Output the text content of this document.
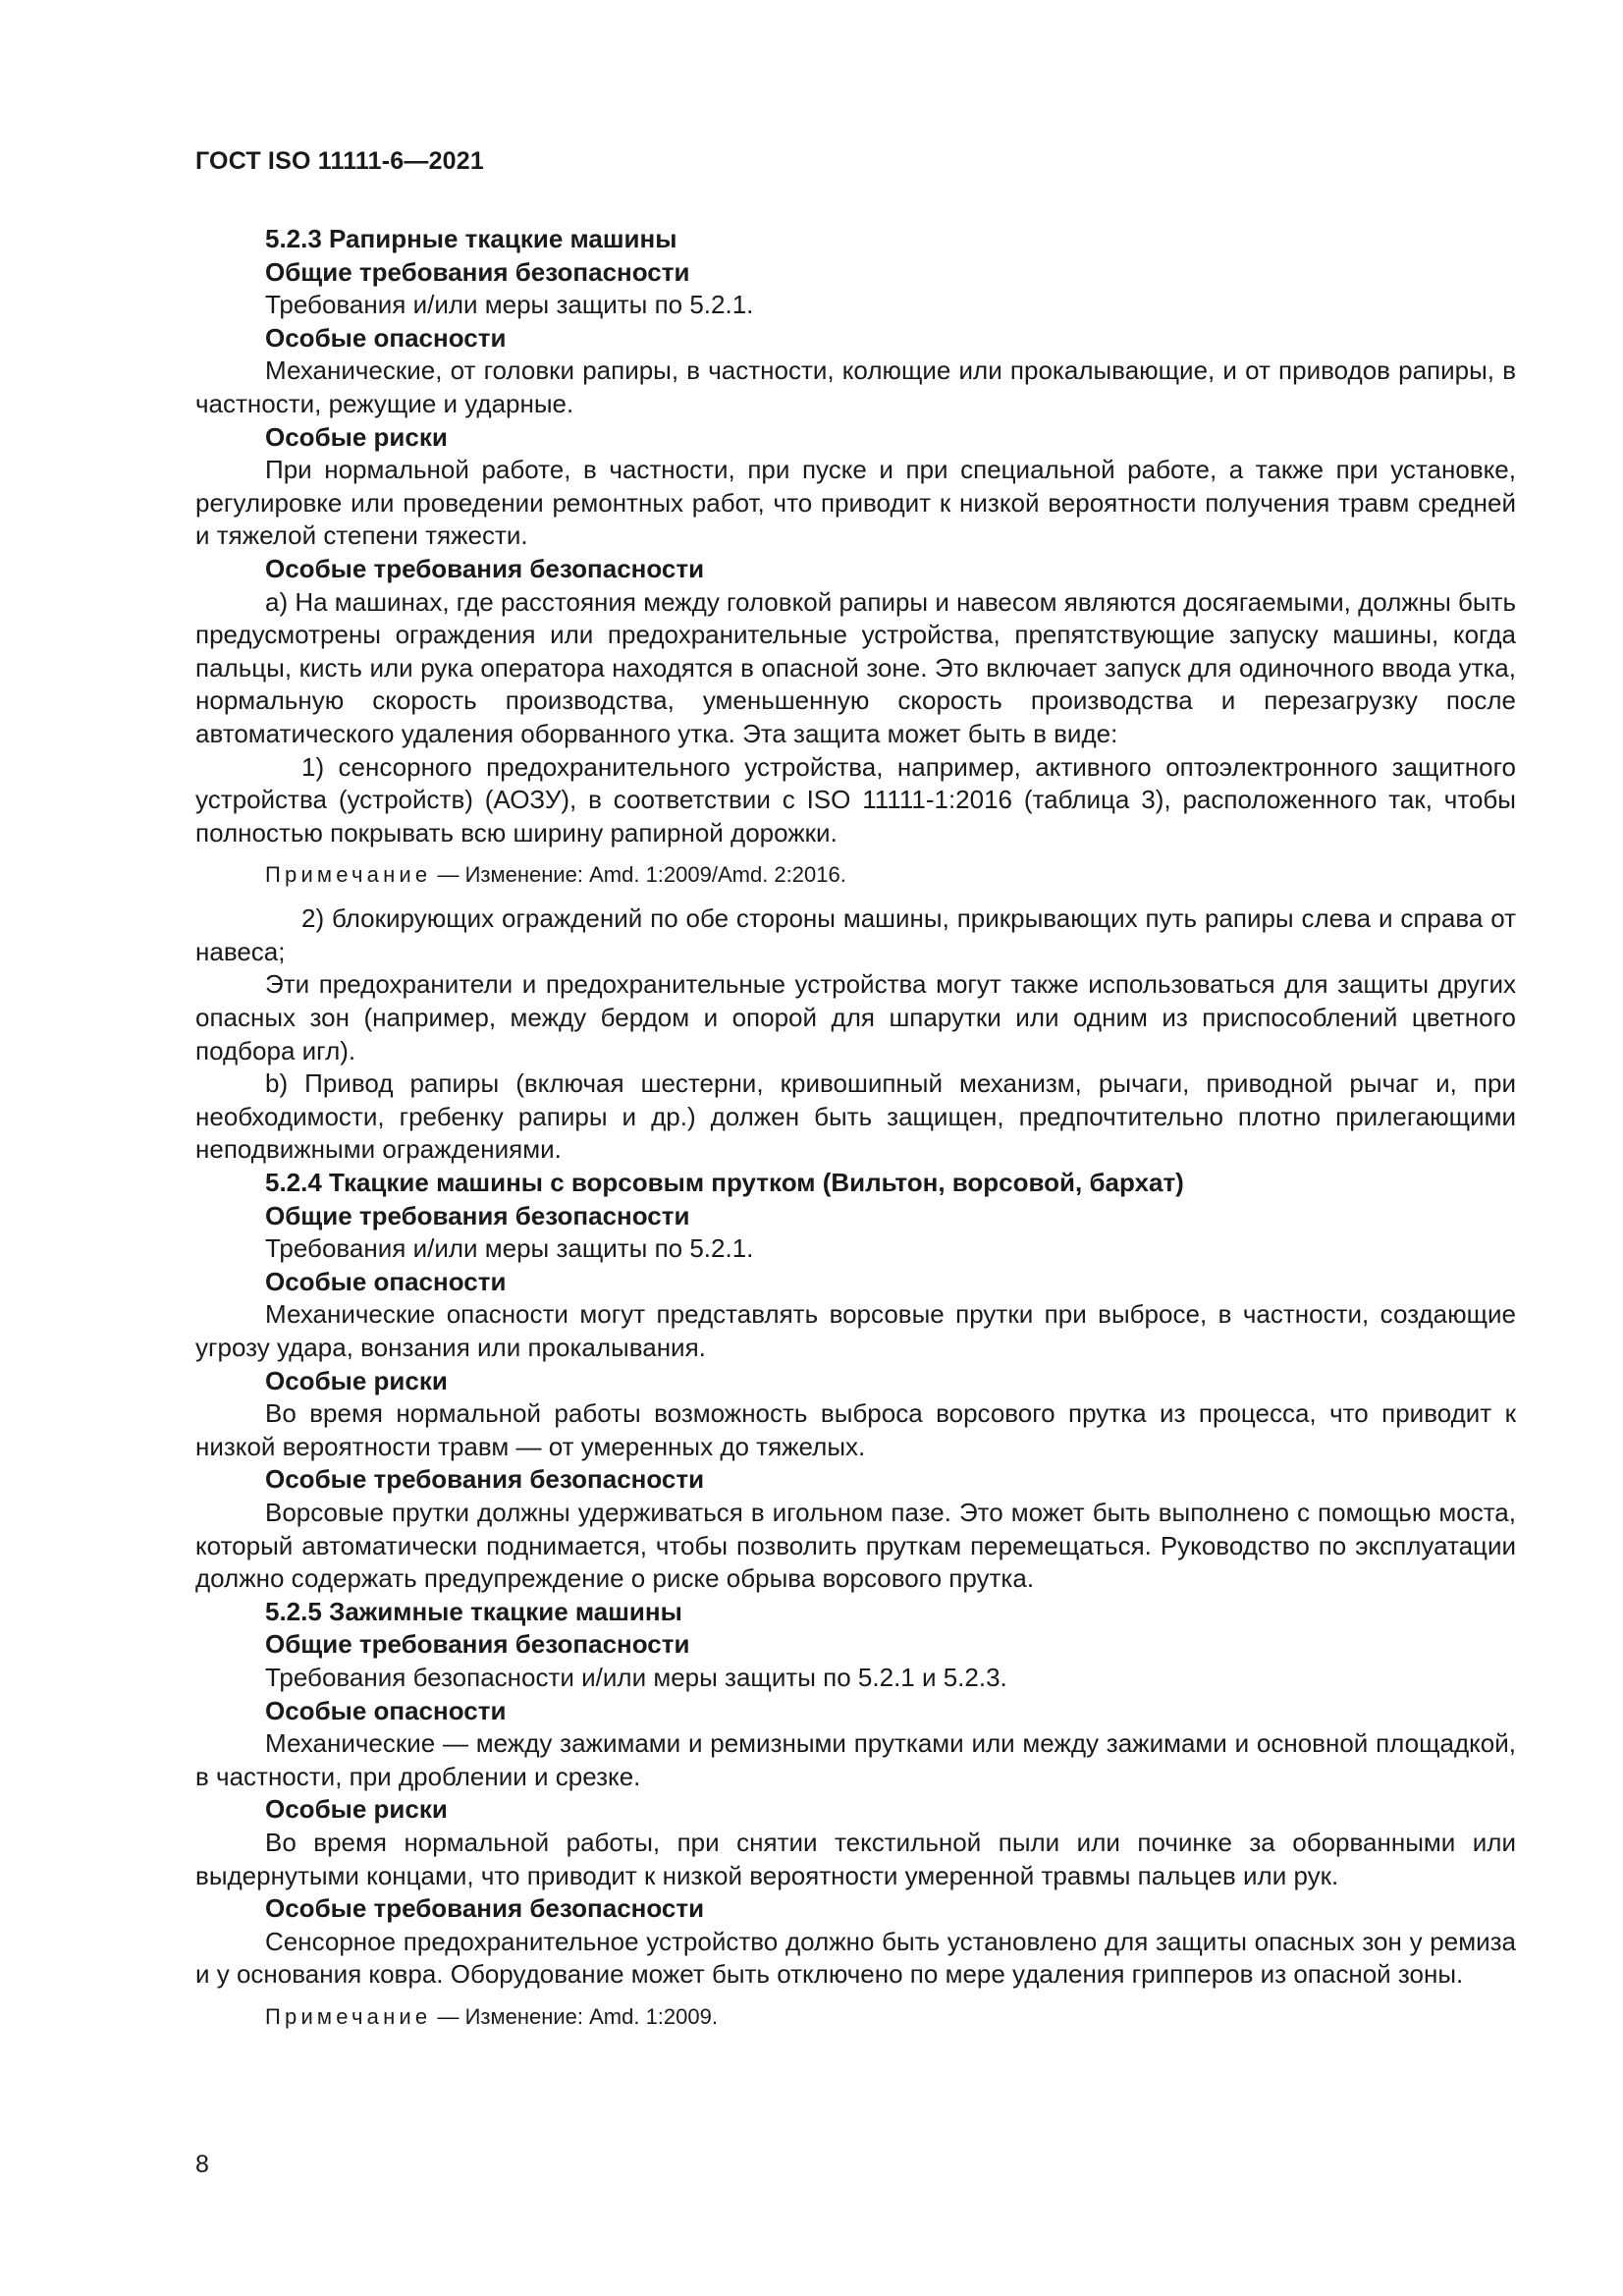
ГОСТ ISO 11111-6—2021

5.2.3 Рапирные ткацкие машины

Общие требования безопасности

Требования и/или меры защиты по 5.2.1.

Особые опасности

Механические, от головки рапиры, в частности, колющие или прокалывающие, и от приводов рапиры, в частности, режущие и ударные.

Особые риски

При нормальной работе, в частности, при пуске и при специальной работе, а также при установке, регулировке или проведении ремонтных работ, что приводит к низкой вероятности получения травм средней и тяжелой степени тяжести.

Особые требования безопасности

a) На машинах, где расстояния между головкой рапиры и навесом являются досягаемыми, должны быть предусмотрены ограждения или предохранительные устройства, препятствующие запуску машины, когда пальцы, кисть или рука оператора находятся в опасной зоне. Это включает запуск для одиночного ввода утка, нормальную скорость производства, уменьшенную скорость производства и перезагрузку после автоматического удаления оборванного утка. Эта защита может быть в виде:

1) сенсорного предохранительного устройства, например, активного оптоэлектронного защитного устройства (устройств) (АОЗУ), в соответствии с ISO 11111-1:2016 (таблица 3), расположенного так, чтобы полностью покрывать всю ширину рапирной дорожки.

Примечание — Изменение: Amd. 1:2009/Amd. 2:2016.

2) блокирующих ограждений по обе стороны машины, прикрывающих путь рапиры слева и справа от навеса;

Эти предохранители и предохранительные устройства могут также использоваться для защиты других опасных зон (например, между бердом и опорой для шпарутки или одним из приспособлений цветного подбора игл).

b) Привод рапиры (включая шестерни, кривошипный механизм, рычаги, приводной рычаг и, при необходимости, гребенку рапиры и др.) должен быть защищен, предпочтительно плотно прилегающими неподвижными ограждениями.

5.2.4 Ткацкие машины с ворсовым прутком (Вильтон, ворсовой, бархат)

Общие требования безопасности

Требования и/или меры защиты по 5.2.1.

Особые опасности

Механические опасности могут представлять ворсовые прутки при выбросе, в частности, создающие угрозу удара, вонзания или прокалывания.

Особые риски

Во время нормальной работы возможность выброса ворсового прутка из процесса, что приводит к низкой вероятности травм — от умеренных до тяжелых.

Особые требования безопасности

Ворсовые прутки должны удерживаться в игольном пазе. Это может быть выполнено с помощью моста, который автоматически поднимается, чтобы позволить пруткам перемещаться. Руководство по эксплуатации должно содержать предупреждение о риске обрыва ворсового прутка.

5.2.5 Зажимные ткацкие машины

Общие требования безопасности

Требования безопасности и/или меры защиты по 5.2.1 и 5.2.3.

Особые опасности

Механические — между зажимами и ремизными прутками или между зажимами и основной площадкой, в частности, при дроблении и срезке.

Особые риски

Во время нормальной работы, при снятии текстильной пыли или починке за оборванными или выдернутыми концами, что приводит к низкой вероятности умеренной травмы пальцев или рук.

Особые требования безопасности

Сенсорное предохранительное устройство должно быть установлено для защиты опасных зон у ремиза и у основания ковра. Оборудование может быть отключено по мере удаления грипперов из опасной зоны.

Примечание — Изменение: Amd. 1:2009.

8
